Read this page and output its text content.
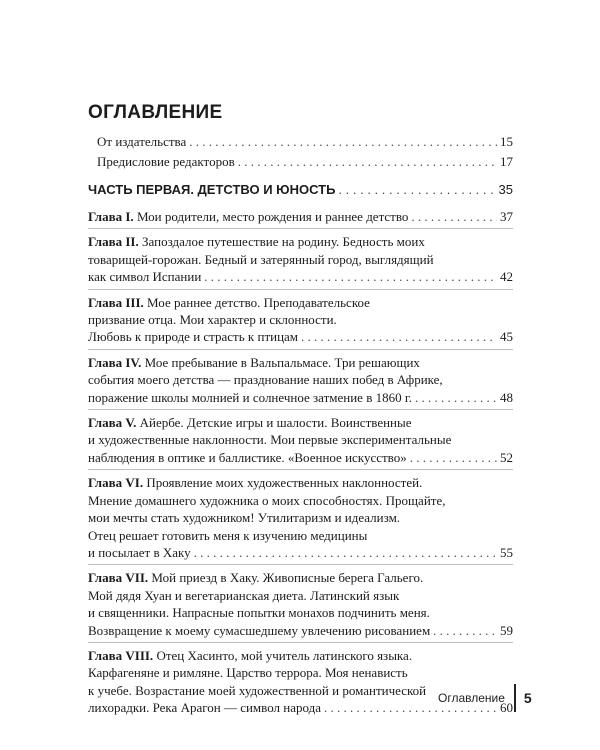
ОГЛАВЛЕНИЕ
От издательства . . .	15
Предисловие редакторов . . .	17
ЧАСТЬ ПЕРВАЯ. ДЕТСТВО И ЮНОСТЬ . . .	35
Глава I. Мои родители, место рождения и раннее детство . . .	37
Глава II. Запоздалое путешествие на родину. Бедность моих
товарищей-горожан. Бедный и затерянный город, выглядящий
как символ Испании . . .	42
Глава III. Мое раннее детство. Преподавательское
призвание отца. Мои характер и склонности.
Любовь к природе и страсть к птицам . . .	45
Глава IV. Мое пребывание в Вальпальмасе. Три решающих
события моего детства — празднование наших побед в Африке,
поражение школы молнией и солнечное затмение в 1860 г. . . .	48
Глава V. Айербе. Детские игры и шалости. Воинственные
и художественные наклонности. Мои первые экспериментальные
наблюдения в оптике и баллистике. «Военное искусство» . . .	52
Глава VI. Проявление моих художественных наклонностей.
Мнение домашнего художника о моих способностях. Прощайте,
мои мечты стать художником! Утилитаризм и идеализм.
Отец решает готовить меня к изучению медицины
и посылает в Хаку . . .	55
Глава VII. Мой приезд в Хаку. Живописные берега Гальего.
Мой дядя Хуан и вегетарианская диета. Латинский язык
и священники. Напрасные попытки монахов подчинить меня.
Возвращение к моему сумасшедшему увлечению рисованием . . .	59
Глава VIII. Отец Хасинто, мой учитель латинского языка.
Карфагеняне и римляне. Царство террора. Моя ненависть
к учебе. Возрастание моей художественной и романтической
лихорадки. Река Арагон — символ народа . . .	60
Оглавление	5
